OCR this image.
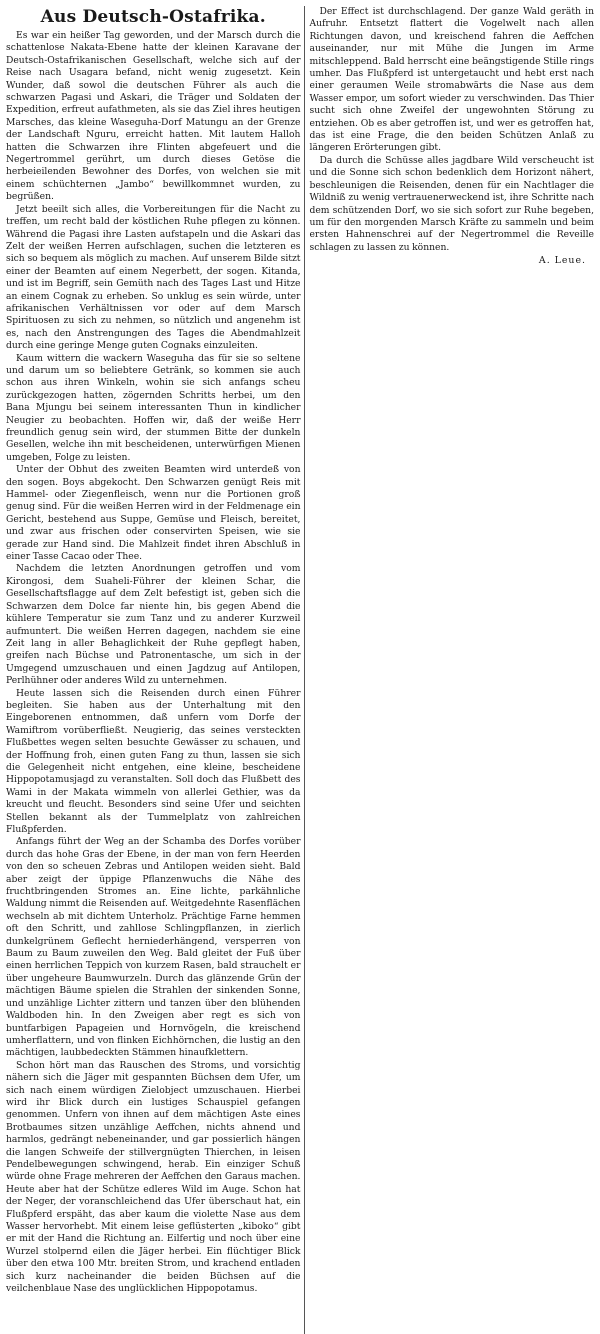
Aus Deutsch-Ostafrika.

Es war ein heißer Tag geworden, und der Marsch durch die schattenlose Nakata-Ebene hatte der kleinen Karavane der Deutsch-Ostafrikanischen Gesellschaft, welche sich auf der Reise nach Usagara befand, nicht wenig zugesetzt. Kein Wunder, daß sowol die deutschen Führer als auch die schwarzen Pagasi und Askari, die Träger und Soldaten der Expedition, erfreut aufathmeten, als sie das Ziel ihres heutigen Marsches, das kleine Waseguha-Dorf Matungu an der Grenze der Landschaft Nguru, erreicht hatten. Mit lautem Halloh hatten die Schwarzen ihre Flinten abgefeuert und die Negertrommel gerührt, um durch dieses Getöse die herbeieilenden Bewohner des Dorfes, von welchen sie mit einem schüchternen „Jambo“ bewillkommnet wurden, zu begrüßen.

Jetzt beeilt sich alles, die Vorbereitungen für die Nacht zu treffen, um recht bald der köstlichen Ruhe pflegen zu können. Während die Pagasi ihre Lasten aufstapeln und die Askari das Zelt der weißen Herren aufschlagen, suchen die letzteren es sich so bequem als möglich zu machen. Auf unserem Bilde sitzt einer der Beamten auf einem Negerbett, der sogen. Kitanda, und ist im Begriff, sein Gemüth nach des Tages Last und Hitze an einem Cognak zu erheben. So unklug es sein würde, unter afrikanischen Verhältnissen vor oder auf dem Marsch Spirituosen zu sich zu nehmen, so nützlich und angenehm ist es, nach den Anstrengungen des Tages die Abendmahlzeit durch eine geringe Menge guten Cognaks einzuleiten.

Kaum wittern die wackern Waseguha das für sie so seltene und darum um so beliebtere Getränk, so kommen sie auch schon aus ihren Winkeln, wohin sie sich anfangs scheu zurückgezogen hatten, zögernden Schritts herbei, um den Bana Mjungu bei seinem interessanten Thun in kindlicher Neugier zu beobachten. Hoffen wir, daß der weiße Herr freundlich genug sein wird, der stummen Bitte der dunkeln Gesellen, welche ihn mit bescheidenen, unterwürfigen Mienen umgeben, Folge zu leisten.

Unter der Obhut des zweiten Beamten wird unterdeß von den sogen. Boys abgekocht. Den Schwarzen genügt Reis mit Hammel- oder Ziegenfleisch, wenn nur die Portionen groß genug sind. Für die weißen Herren wird in der Feldmenage ein Gericht, bestehend aus Suppe, Gemüse und Fleisch, bereitet, und zwar aus frischen oder conservirten Speisen, wie sie gerade zur Hand sind. Die Mahlzeit findet ihren Abschluß in einer Tasse Cacao oder Thee.

Nachdem die letzten Anordnungen getroffen und vom Kirongosi, dem Suaheli-Führer der kleinen Schar, die Gesellschaftsflagge auf dem Zelt befestigt ist, geben sich die Schwarzen dem Dolce far niente hin, bis gegen Abend die kühlere Temperatur sie zum Tanz und zu anderer Kurzweil aufmuntert. Die weißen Herren dagegen, nachdem sie eine Zeit lang in aller Behaglichkeit der Ruhe gepflegt haben, greifen nach Büchse und Patronentasche, um sich in der Umgegend umzuschauen und einen Jagdzug auf Antilopen, Perlhühner oder anderes Wild zu unternehmen.

Heute lassen sich die Reisenden durch einen Führer begleiten. Sie haben aus der Unterhaltung mit den Eingeborenen entnommen, daß unfern vom Dorfe der Wamiftrom vorüberfließt. Neugierig, das seines versteckten Flußbettes wegen selten besuchte Gewässer zu schauen, und der Hoffnung froh, einen guten Fang zu thun, lassen sie sich die Gelegenheit nicht entgehen, eine kleine, bescheidene Hippopotamusjagd zu veranstalten. Soll doch das Flußbett des Wami in der Makata wimmeln von allerlei Gethier, was da kreucht und fleucht. Besonders sind seine Ufer und seichten Stellen bekannt als der Tummelplatz von zahlreichen Flußpferden.

Anfangs führt der Weg an der Schamba des Dorfes vorüber durch das hohe Gras der Ebene, in der man von fern Heerden von den so scheuen Zebras und Antilopen weiden sieht. Bald aber zeigt der üppige Pflanzenwuchs die Nähe des fruchtbringenden Stromes an. Eine lichte, parkähnliche Waldung nimmt die Reisenden auf. Weitgedehnte Rasenflächen wechseln ab mit dichtem Unterholz. Prächtige Farne hemmen oft den Schritt, und zahllose Schlingpflanzen, in zierlich dunkelgrünem Geflecht herniederhängend, versperren von Baum zu Baum zuweilen den Weg. Bald gleitet der Fuß über einen herrlichen Teppich von kurzem Rasen, bald strauchelt er über ungeheure Baumwurzeln. Durch das glänzende Grün der mächtigen Bäume spielen die Strahlen der sinkenden Sonne, und unzählige Lichter zittern und tanzen über den blühenden Waldboden hin. In den Zweigen aber regt es sich von buntfarbigen Papageien und Hornvögeln, die kreischend umherflattern, und von flinken Eichhörnchen, die lustig an den mächtigen, laubbedeckten Stämmen hinaufklettern.

Schon hört man das Rauschen des Stroms, und vorsichtig nähern sich die Jäger mit gespannten Büchsen dem Ufer, um sich nach einem würdigen Zielobject umzuschauen. Hierbei wird ihr Blick durch ein lustiges Schauspiel gefangen genommen. Unfern von ihnen auf dem mächtigen Aste eines Brotbaumes sitzen unzählige Aeffchen, nichts ahnend und harmlos, gedrängt nebeneinander, und gar possierlich hängen die langen Schweife der stillvergnügten Thierchen, in leisen Pendelbewegungen schwingend, herab. Ein einziger Schuß würde ohne Frage mehreren der Aeffchen den Garaus machen. Heute aber hat der Schütze edleres Wild im Auge. Schon hat der Neger, der voranschleichend das Ufer überschaut hat, ein Flußpferd erspäht, das aber kaum die violette Nase aus dem Wasser hervorhebt. Mit einem leise geflüsterten „kiboko“ gibt er mit der Hand die Richtung an. Eilfertig und noch über eine Wurzel stolpernd eilen die Jäger herbei. Ein flüchtiger Blick über den etwa 100 Mtr. breiten Strom, und krachend entladen sich kurz nacheinander die beiden Büchsen auf die veilchenblaue Nase des unglücklichen Hippopotamus.

Der Effect ist durchschlagend. Der ganze Wald geräth in Aufruhr. Entsetzt flattert die Vogelwelt nach allen Richtungen davon, und kreischend fahren die Aeffchen auseinander, nur mit Mühe die Jungen im Arme mitschleppend. Bald herrscht eine beängstigende Stille rings umher. Das Flußpferd ist untergetaucht und hebt erst nach einer geraumen Weile stromabwärts die Nase aus dem Wasser empor, um sofort wieder zu verschwinden. Das Thier sucht sich ohne Zweifel der ungewohnten Störung zu entziehen. Ob es aber getroffen ist, und wer es getroffen hat, das ist eine Frage, die den beiden Schützen Anlaß zu längeren Erörterungen gibt.

Da durch die Schüsse alles jagdbare Wild verscheucht ist und die Sonne sich schon bedenklich dem Horizont nähert, beschleunigen die Reisenden, denen für ein Nachtlager die Wildniß zu wenig vertrauenerweckend ist, ihre Schritte nach dem schützenden Dorf, wo sie sich sofort zur Ruhe begeben, um für den morgenden Marsch Kräfte zu sammeln und beim ersten Hahnenschrei auf der Negertrommel die Reveille schlagen zu lassen zu können.

A. Leue.
